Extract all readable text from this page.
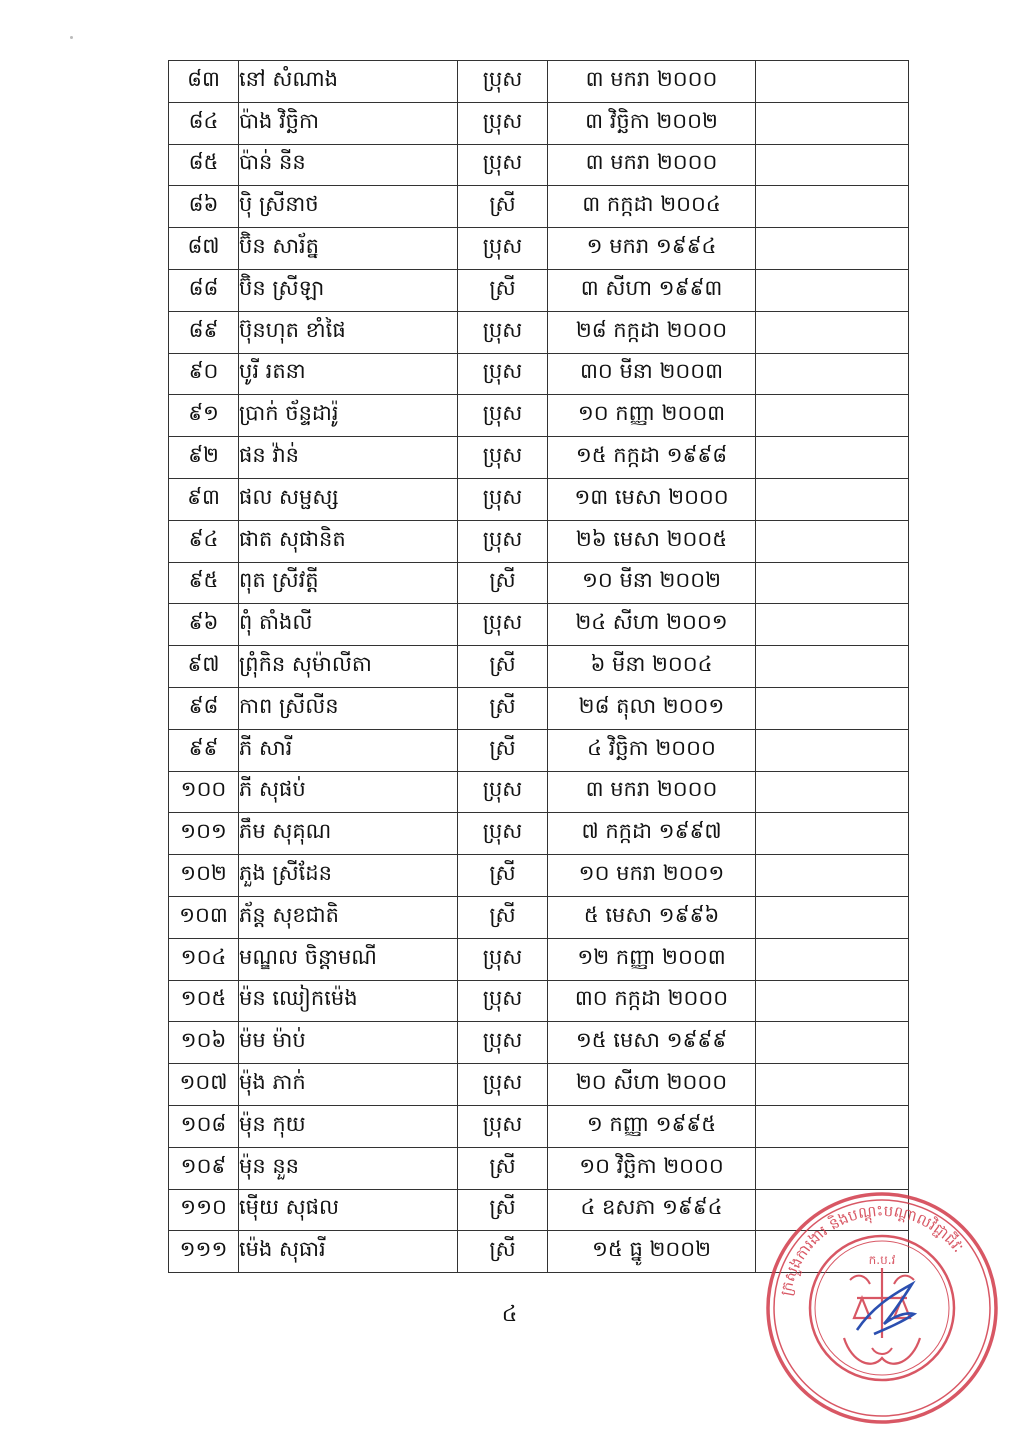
៨៣	នៅ សំណាង	ប្រុស	៣ មករា ២០០០	
៨៤	ប៉ាង វិច្ឆិកា	ប្រុស	៣ វិច្ឆិកា ២០០២	
៨៥	ប៉ាន់ នីន	ប្រុស	៣ មករា ២០០០	
៨៦	ប៉ិ ស្រីនាថ	ស្រី	៣ កក្កដា ២០០៤	
៨៧	ប៊ិន សារ័ត្ន	ប្រុស	១ មករា ១៩៩៤	
៨៨	ប៊ិន ស្រីឡា	ស្រី	៣ សីហា ១៩៩៣	
៨៩	ប៊ុនហុត ខាំផៃ	ប្រុស	២៨ កក្កដា ២០០០	
៩០	បូរី រតនា	ប្រុស	៣០ មីនា ២០០៣	
៩១	ប្រាក់ ច័ន្ទដារ៉ូ	ប្រុស	១០ កញ្ញា ២០០៣	
៩២	ផន វ៉ាន់	ប្រុស	១៥ កក្កដា ១៩៩៨	
៩៣	ផល សម្ផស្ស	ប្រុស	១៣ មេសា ២០០០	
៩៤	ផាត សុផានិត	ប្រុស	២៦ មេសា ២០០៥	
៩៥	ពុត ស្រីវត្តី	ស្រី	១០ មីនា ២០០២	
៩៦	ពុំ តាំងលី	ប្រុស	២៤ សីហា ២០០១	
៩៧	ព្រុំកិន សុម៉ាលីតា	ស្រី	៦ មីនា ២០០៤	
៩៨	កាព ស្រីលីន	ស្រី	២៨ តុលា ២០០១	
៩៩	ភី សារី	ស្រី	៤ វិច្ឆិកា ២០០០	
១០០	ភី សុផប់	ប្រុស	៣ មករា ២០០០	
១០១	ភឹម សុគុណ	ប្រុស	៧ កក្កដា ១៩៩៧	
១០២	ភួង ស្រីដែន	ស្រី	១០ មករា ២០០១	
១០៣	ភ័ន្ត សុខជាតិ	ស្រី	៥ មេសា ១៩៩៦	
១០៤	មណ្ឌល ចិន្តាមណី	ប្រុស	១២ កញ្ញា ២០០៣	
១០៥	ម៉ន ឈៀកម៉េង	ប្រុស	៣០ កក្កដា ២០០០	
១០៦	ម៉ម ម៉ាប់	ប្រុស	១៥ មេសា ១៩៩៩	
១០៧	ម៉ុង ភាក់	ប្រុស	២០ សីហា ២០០០	
១០៨	ម៉ុន កុយ	ប្រុស	១ កញ្ញា ១៩៩៥	
១០៩	ម៉ុន នួន	ស្រី	១០ វិច្ឆិកា ២០០០	
១១០	ម៉ើយ សុផល	ស្រី	៤ ឧសភា ១៩៩៤	
១១១	ម៉េង សុធារី	ស្រី	១៥ ធ្នូ ២០០២	
៤
ក្រសួងការងារ និងបណ្តុះបណ្តាលវិជ្ជាជីវៈ
ក.ប.វ
